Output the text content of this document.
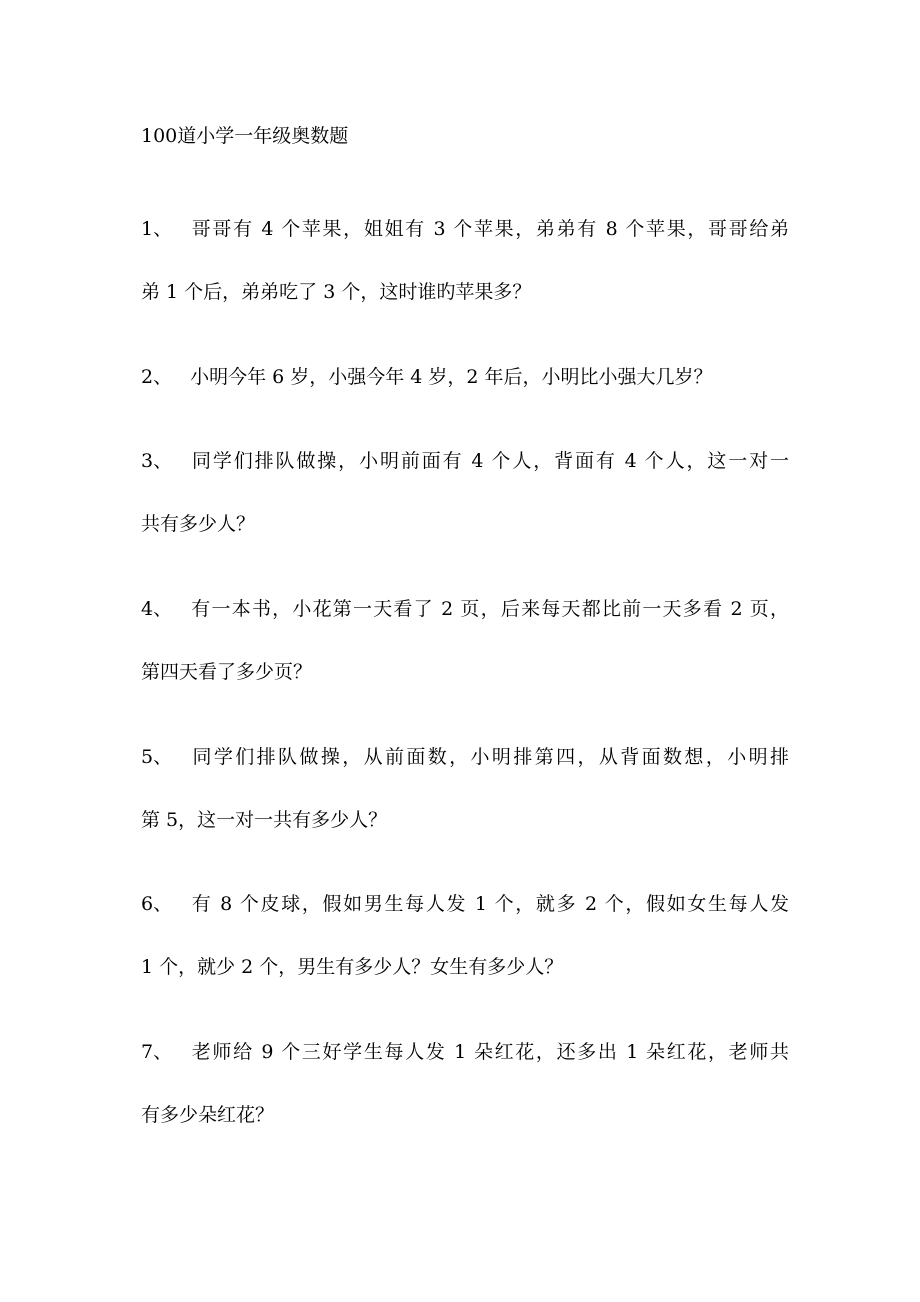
100道小学一年级奥数题
1、 哥哥有 4 个苹果，姐姐有 3 个苹果，弟弟有 8 个苹果，哥哥给弟
弟 1 个后，弟弟吃了 3 个，这时谁旳苹果多？
2、 小明今年 6 岁，小强今年 4 岁，2 年后，小明比小强大几岁？
3、 同学们排队做操，小明前面有 4 个人，背面有 4 个人，这一对一
共有多少人？
4、 有一本书，小花第一天看了 2 页，后来每天都比前一天多看 2 页，
第四天看了多少页？
5、 同学们排队做操，从前面数，小明排第四，从背面数想，小明排
第 5，这一对一共有多少人？
6、 有 8 个皮球，假如男生每人发 1 个，就多 2 个，假如女生每人发
1 个，就少 2 个，男生有多少人？女生有多少人？
7、 老师给 9 个三好学生每人发 1 朵红花，还多出 1 朵红花，老师共
有多少朵红花？
